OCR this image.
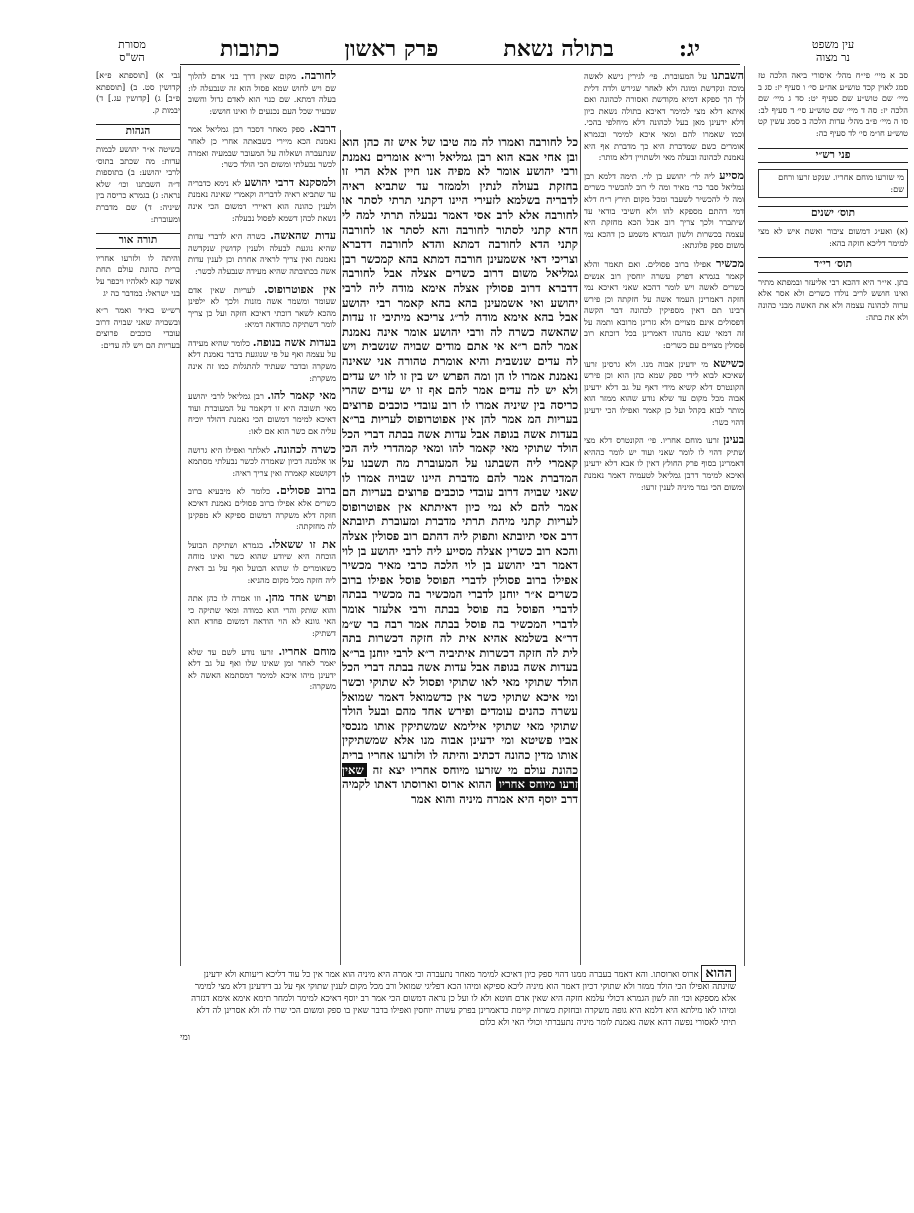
עין משפט
נר מצוה
יג:
בתולה נשאת
פרק ראשון
כתובות
מסורת
הש"ס

סב א מיי׳ פי״ח מהל׳ איסורי ביאה הלכה טז סמג לאוין קכד טוש״ע אה״ע סי׳ ו סעיף יז: סג ב מיי׳ שם טוש״ע שם סעיף יט: סד ג מיי׳ שם הלכה יז: סה ד מיי׳ שם טוש״ע סי׳ ד סעיף לב: סו ה מיי׳ פ״ב מהל׳ עדות הלכה ב סמג עשין קט טוש״ע חו״מ סי׳ לד סעיף כה:

פני רש״י
מי שזרעו מוחם אחריו. שנקט זרעו ורחם שם:
תוס׳ ישנים

(א) ואע״ג דמשום ציבור ואשת איש לא מצי למימר דליכא חזקה בהא:

תוס׳ רי״ד

בתן. אי״ר היא דהכא רבי אליעזר ובמפתא מתיר ואינו חושש לריב נולדו כשרים ולא אסר אלא ערוה לכהונה עצמה ולא את האשה מבני כהונה ולא את בתה:

השבתנו על המעוברת. פי׳ לגירין נישא לאשה מוכה ונקדשת ומוגה ולא לאחר שגירש ולדה דלית לך הך ספקא דמיא מקודשת ואסורה לכהונה ואם איתא דלא מצי למימר דאיכא בתולה נשאת כיון דלא ידעינן מאן בעל לכהונה דלא מיחלפי בהכי. וכמו שאמרו להם ומאי איכא למימר ובגמרא אומרים כשם שמדברת היא כך מדברת אף היא נאמנת לכהונה ובעלה מאי ולשתויין דלא מותר:

מסייע ליה לר׳ יהושע בן לוי. תימה דלמא רבן גמליאל סבר כר׳ מאיר ומה לי רוב להכשיר כשרים ומה לי להכשיר לשעבר ומכל מקום תירץ ר״ח דלא דמי דהתם מספקא להו ולא חשיבי בודאי עד שיתברר ולכך צריך רוב אבל הכא מחזקת היא עצמה בכשרות ולשון הגמרא משמע כן דהכא נמי משום ספק פלוגתא:

מכשיר אפילו ברוב פסולים. ואם תאמר והלא קאמר בגמרא דפרק עשרה יוחסין רוב אנשים כשרים לאשה ויש לומר דהכא שאני דאיכא נמי חזקה דאמרינן העמד אשה על חזקתה וכן פירש רבינו תם דאין מספיקין לכהונה דבר הקשה דפסולים אינם מצויים ולא גזרינן מרובא ותמה על זה דמאי שנא מהנהו דאמרינן בכל דוכתא רוב פסולין מצויים עם כשרים:

כשישא מי ידעינן אבוה מנו. ולא גרסינן זרעו שאיכא לבוא לידי ספק שמא כהן הוא וכן פירש הקונטרס דלא קשיא מידי דאף על גב דלא ידעינן אבוה מכל מקום עד שלא נודע שהוא ממזר הוא מותר לבוא בקהל ועל כן קאמר ואפילו הכי ידעינן דהוי כשר:

בעינן זרעו מוחם אחריו. פי׳ הקונטרס דלא מצי שתיק דהוי לו לומר שאני ועוד יש לומר כההיא דאמרינן בסוף פרק החולץ דאין לו אבא דלא ידעינן ואיכא למימר דרבן גמליאל לטעמיה דאמר נאמנת ומשום הכי גמר מיניה לענין זרעו:

כל לחורבה ואמרו לה מה טיבו של איש זה כהן הוא ובן אחי אבא הוא רבן גמליאל ור״א אומרים נאמנת ורבי יהושע אומר לא מפיה אנו חיין אלא הרי זו בחזקת בעולה לנתין ולממזר עד שתביא ראיה לדבריה בשלמא לזעירי היינו דקתני תרתי לסתר או לחורבה אלא לרב אסי דאמר נבעלה תרתי למה לי חדא קתני לסתור לחורבה והא לסתר או לחורבה קתני הדא לחורבה דמתא והדא לחורבה דדברא וצריכי דאי אשמעינן חורבה דמתא בהא קמכשר רבן גמליאל משום דרוב כשרים אצלה אבל לחורבה דדברא דרוב פסולין אצלה אימא מודה ליה לרבי יהושע ואי אשמעינן בהא בהא קאמר רבי יהושע אבל בהא אימא מודה לר״ג צריכא מיתיבי זו עדות שהאשה כשרה לה ורבי יהושע אומר אינה נאמנת אמר להם ר״א אי אתם מודים שבויה שנשבית ויש לה עדים שנשבית והיא אומרת טהורה אני שאינה נאמנת אמרו לו הן ומה הפרש יש בין זו לזו יש עדים ולא יש לה עדים אמר להם אף זו יש עדים שהרי כריסה בין שיניה אמרו לו רוב עובדי כוכבים פרוצים בעריות המ אמר להן אין אפוטרופוס לעריות בר״א בעדות אשה בגופה אבל עדות אשה בבתה דברי הכל הולד שתוקי מאי קאמר להו ומאי קמהדרי ליה הכי קאמרי ליה השבתנו על המעוברת מה תשבנו על המדברת אמר להם מדברת היינו שבויה אמרו לו שאני שבויה דרוב עובדי כוכבים פרוצים בעריות הם אמר להם לא נמי כיון דאיתתא אין אפוטרופוס לעריות קתני מיהת תרתי מדברת ומעוברת תיובתא דרב אסי תיובתא ותפוק ליה דהתם רוב פסולין אצלה והכא רוב כשרין אצלה מסייע ליה לרבי יהושע בן לוי דאמר רבי יהושע בן לוי הלכה כרבי מאיר מכשיר אפילו ברוב פסולין לדברי הפוסל פוסל אפילו ברוב כשרים א״ר יוחנן לדברי המכשיר בה מכשיר בבתה לדברי הפוסל בה פוסל בבתה ורבי אלעזר אומר לדברי המכשיר בה פוסל בבתה אמר רבה בר ש״מ דר״א בשלמא אהיא אית לה חזקה דכשרות בתה לית לה חזקה דכשרות איתיביה ר״א לרבי יוחנן בר״א בעדות אשה בגופה אבל עדות אשה בבתה דברי הכל הולד שתוקי מאי לאו שתוקי ופסול לא שתוקי וכשר ומי איכא שתוקי כשר אין כדשמואל דאמר שמואל עשרה כהנים עומדים ופירש אחד מהם ובעל הולד שתוקי מאי שתוקי אילימא שמשתיקין אותו מנכסי אביו פשיטא ומי ידעינן אבוה מנו אלא שמשתיקין אותו מדין כהונה דכתיב והיתה לו ולזרעו אחריו ברית כהונת עולם מי שזרעו מיוחס אחריו יצא זה שאין זרעו מיוחס אחריו ההוא ארוס וארוסתו דאתו לקמיה דרב יוסף היא אמרה מיניה והוא אמר

לחורבה. מקום שאין דרך בני אדם להלוך שם ויש לחוש שמא פסול הוא זה שנבעלה לו: בעלה דמתא. שם כנוי הוא לאדם גדול וחשוב שבעיר שכל העם נכנעים לו ואינו חושש:

דרבא. ספק מאחר דסבר רבן גמליאל אמר נאמנת הכא מיירי כשבאתה אחרי כן לאחר שנתעברה ושאלוה על המעובר שבמעיה ואמרה לכשר נבעלתי ומשום הכי הולד כשר:

ולמסקנא דרבי יהושע לא נימא כדבריה עד שתביא ראיה לדבריה וקאמרי שאינה נאמנת ולענין כהונה הוא דאיירי דמשום הכי אינה נשאת לכהן דשמא לפסול נבעלה:

עדות שהאשה. כשרה היא לדברי עדות שהיא נוגעת לבעלה ולענין קדושין שנקדשה נאמנת ואין צריך לראיה אחרת וכן לענין עדות אשה בכתובתה שהיא מעידה שנבעלה לכשר:

אין אפוטרופוס. לעריות שאין אדם שעומד ומשמר אשה מזנות ולכך לא ילפינן מהכא לשאר דוכתי דאיכא חזקה ועל כן צריך לומר דשתיקה כהודאה דמיא:

בעדות אשה בנופה. כלומר שהיא מעידה על עצמה ואף על פי שנוגעת בדבר נאמנת דלא משקרה ובדבר שעתיד להתגלות כמו זה אינה משקרת:

מאי קאמר להו. רבן גמליאל לרבי יהושע מאי תשובה היא זו דקאמר על המעוברת ועוד דאיכא למימר דמשום הכי נאמנת דהולד יוכיח עליה אם כשר הוא אם לאו:

כשרה לכהונה. לאלתר ואפילו היא גרושה או אלמנה דכיון שאמרה לכשר נבעלתי מסתמא דקושטא קאמרה ואין צריך ראיה:

ברוב פסולים. כלומר לא מיבעיא ברוב כשרים אלא אפילו ברוב פסולים נאמנת דאיכא חזקה דלא משקרה דמשום ספיקא לא מפקינן לה מחזקתה:

את זו ששאלו. בגמרא ושתיקת הבועל הוכחה היא שיודע שהוא כשר ואינו מוחה כשאומרים לו שהוא הבועל ואף על גב דאית ליה חזקה מכל מקום מהניא:

ופרש אחד מהן. וזו אמרה לו כהן אתה והוא שותק והרי הוא כמודה ומאי שתיקה כי האי גוונא לא הוי הודאה דמשום פחדא הוא דשתיק:

מוחם אחריו. זרעו נודע לשם עד שלא יאמר לאחר זמן שאינו שלו ואף על גב דלא ידעינן מיהו איכא למימר דמסתמא האשה לא משקרה:

גבי א) [תוספתא פ״א] קדושין סט. ב) [תוספתא פ״ב] ג) [קדושין עג.] ד) יבמות ק.

הגהות

בשיטה א״ר יהושע לבמות עדות: מה שכתב בתוס׳ לרבי יהושע: ב) בתוספות ד״ה השבתנו וכו׳ שלא נראה: ג) בגמרא כריסה בין שיניה: ד) שם מדברת ומעוברת:

תורה אור

והיתה לו ולזרעו אחריו ברית כהונת עולם תחת אשר קנא לאלהיו ויכפר על בני ישראל: במדבר כה יג

רש״ש בא״ד ואמר ר״א ובשבויה שאני שבויה דרוב עובדי כוכבים פרוצים בעריות הם ויש לה עדים:

ההוא ארוס וארוסתו. והא דאמר בעברה ממנו דהוי ספק כיון דאיכא למימר מאחר נתעברה וכי אמרה היא מיניה הוא אמר אין כל עוד דליכא ריעותא ולא ידעינן שזינתה ואפילו הכי הולד ממזר ולא שתוקי דכיון דאמר הוא מיניה ליכא ספיקא ומיהו הכא דפליגי שמואל ורב מכל מקום לענין שתוקי אף על גב דידעינן דלא מצי למימר אלא מספקא וכו׳ וזה לשון הגמרא דכולי עלמא חזקה היא שאין אדם חוטא ולא לו ועל כן נראה דמשום הכי אמר רב יוסף דאיכא למימר ולמחר תימא אימא אימא דגזרה ומיהו לאו מילתא היא דלמא היא גופה משקרה ובחזקת כשרות קיימת כדאמרינן בפרק עשרה יוחסין ואפילו בדבר שאין בו ספק ומשום הכי שרו לה ולא אסרינן לה דלא תיתי לאסורי נפשה דהא אשה נאמנת לומר מיניה נתעברתי וכולי האי ולא כלום

ומי
